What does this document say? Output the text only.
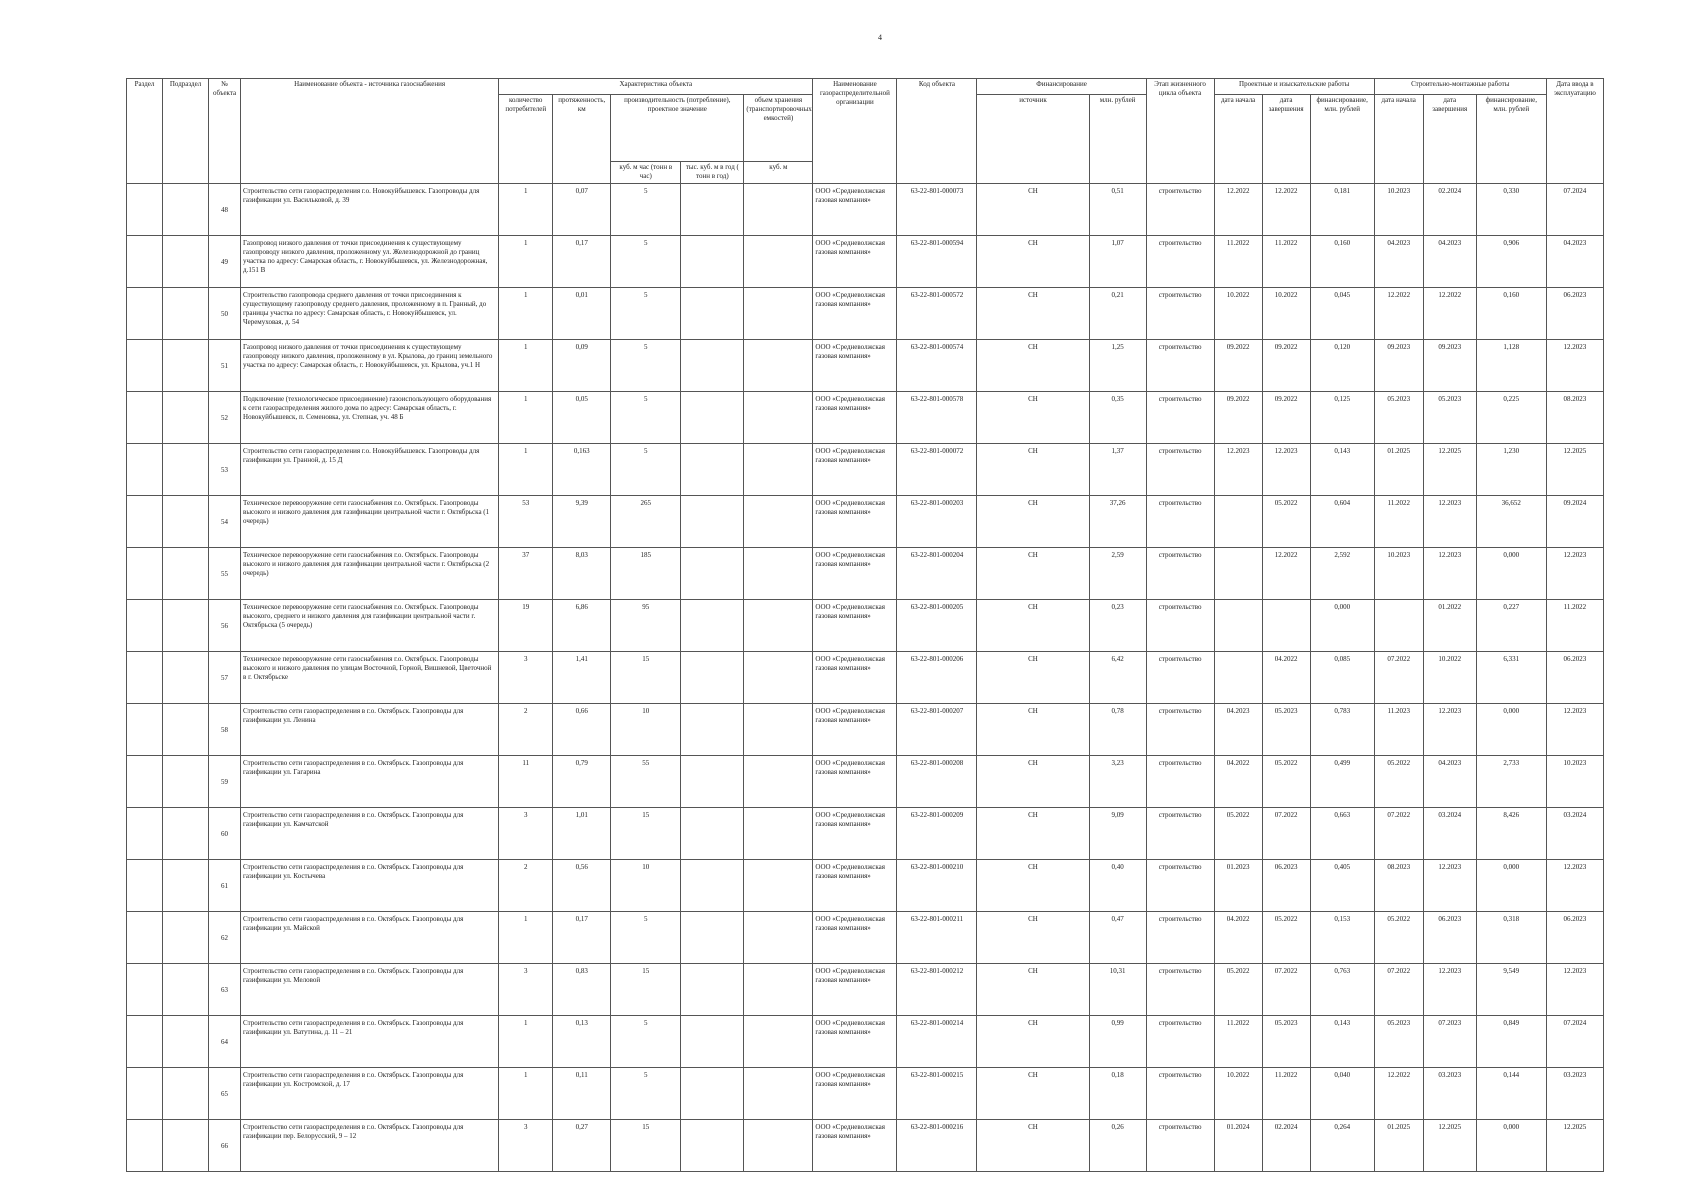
4
Раздел	Подраздел	№ объекта	Наименование объекта - источника газоснабжения	Характеристика объекта					Наименование газораспределительной организации	Код объекта	Финансирование		Этап жизненного цикла объекта	Проектные и изыскательские работы			Строительно-монтажные работы			Дата ввода в эксплуатацию
				количество потребителей	протяженность, км	производительность (потребление), проектное значение		объем хранения (транспортировочных емкостей)			источник	млн. рублей		дата начала	дата завершения	финансирование, млн. рублей	дата начала	дата завершения	финансирование, млн. рублей	
						куб. м час (тонн в час)	тыс. куб. м в год ( тонн в год)	куб. м												
		48	Строительство сети газораспределения г.о. Новокуйбышевск. Газопроводы для газификации ул. Васильковой, д. 39	1	0,07	5			ООО «Средневолжская газовая компания»	63-22-801-000073	СН	0,51	строительство	12.2022	12.2022	0,181	10.2023	02.2024	0,330	07.2024
		49	Газопровод низкого давления от точки присоединения к существующему газопроводу низкого давления, проложенному ул. Железнодорожной до границ участка по адресу: Самарская область, г. Новокуйбышевск, ул. Железнодорожная, д.151 В	1	0,17	5			ООО «Средневолжская газовая компания»	63-22-801-000594	СН	1,07	строительство	11.2022	11.2022	0,160	04.2023	04.2023	0,906	04.2023
		50	Строительство газопровода среднего давления от точки присоединения к существующему газопроводу среднего давления, проложенному в п. Гранный, до границы участка по адресу: Самарская область, г. Новокуйбышевск, ул. Черемуховая, д. 54	1	0,01	5			ООО «Средневолжская газовая компания»	63-22-801-000572	СН	0,21	строительство	10.2022	10.2022	0,045	12.2022	12.2022	0,160	06.2023
		51	Газопровод низкого давления от точки присоединения к существующему газопроводу низкого давления, проложенному в ул. Крылова, до границ земельного участка по адресу: Самарская область, г. Новокуйбышевск, ул. Крылова, уч.1 Н	1	0,09	5			ООО «Средневолжская газовая компания»	63-22-801-000574	СН	1,25	строительство	09.2022	09.2022	0,120	09.2023	09.2023	1,128	12.2023
		52	Подключение (технологическое присоединение) газоиспользующего оборудования к сети газораспределения жилого дома по адресу: Самарская область, г. Новокуйбышевск, п. Семеновка, ул. Степная, уч. 48 Б	1	0,05	5			ООО «Средневолжская газовая компания»	63-22-801-000578	СН	0,35	строительство	09.2022	09.2022	0,125	05.2023	05.2023	0,225	08.2023
		53	Строительство сети газораспределения г.о. Новокуйбышевск. Газопроводы для газификации ул. Гранной, д. 15 Д	1	0,163	5			ООО «Средневолжская газовая компания»	63-22-801-000072	СН	1,37	строительство	12.2023	12.2023	0,143	01.2025	12.2025	1,230	12.2025
		54	Техническое перевооружение сети газоснабжения г.о. Октябрьск. Газопроводы высокого и низкого давления для газификации центральной части г. Октябрьска (1 очередь)	53	9,39	265			ООО «Средневолжская газовая компания»	63-22-801-000203	СН	37,26	строительство		05.2022	0,604	11.2022	12.2023	36,652	09.2024
		55	Техническое перевооружение сети газоснабжения г.о. Октябрьск. Газопроводы высокого и низкого давления для газификации центральной части г. Октябрьска (2 очередь)	37	8,03	185			ООО «Средневолжская газовая компания»	63-22-801-000204	СН	2,59	строительство		12.2022	2,592	10.2023	12.2023	0,000	12.2023
		56	Техническое перевооружение сети газоснабжения г.о. Октябрьск. Газопроводы высокого, среднего и низкого давления для газификации центральной части г. Октябрьска (5 очередь)	19	6,86	95			ООО «Средневолжская газовая компания»	63-22-801-000205	СН	0,23	строительство			0,000		01.2022	0,227	11.2022
		57	Техническое перевооружение сети газоснабжения г.о. Октябрьск. Газопроводы высокого и низкого давления по улицам Восточной, Горной, Вишневой, Цветочной в г. Октябрьске	3	1,41	15			ООО «Средневолжская газовая компания»	63-22-801-000206	СН	6,42	строительство		04.2022	0,085	07.2022	10.2022	6,331	06.2023
		58	Строительство сети газораспределения в г.о. Октябрьск. Газопроводы для газификации ул. Ленина	2	0,66	10			ООО «Средневолжская газовая компания»	63-22-801-000207	СН	0,78	строительство	04.2023	05.2023	0,783	11.2023	12.2023	0,000	12.2023
		59	Строительство сети газораспределения в г.о. Октябрьск. Газопроводы для газификации ул. Гагарина	11	0,79	55			ООО «Средневолжская газовая компания»	63-22-801-000208	СН	3,23	строительство	04.2022	05.2022	0,499	05.2022	04.2023	2,733	10.2023
		60	Строительство сети газораспределения в г.о. Октябрьск. Газопроводы для газификации ул. Камчатской	3	1,01	15			ООО «Средневолжская газовая компания»	63-22-801-000209	СН	9,09	строительство	05.2022	07.2022	0,663	07.2022	03.2024	8,426	03.2024
		61	Строительство сети газораспределения в г.о. Октябрьск. Газопроводы для газификации ул. Костычева	2	0,56	10			ООО «Средневолжская газовая компания»	63-22-801-000210	СН	0,40	строительство	01.2023	06.2023	0,405	08.2023	12.2023	0,000	12.2023
		62	Строительство сети газораспределения в г.о. Октябрьск. Газопроводы для газификации ул. Майской	1	0,17	5			ООО «Средневолжская газовая компания»	63-22-801-000211	СН	0,47	строительство	04.2022	05.2022	0,153	05.2022	06.2023	0,318	06.2023
		63	Строительство сети газораспределения в г.о. Октябрьск. Газопроводы для газификации ул. Меловой	3	0,83	15			ООО «Средневолжская газовая компания»	63-22-801-000212	СН	10,31	строительство	05.2022	07.2022	0,763	07.2022	12.2023	9,549	12.2023
		64	Строительство сети газораспределения в г.о. Октябрьск. Газопроводы для газификации ул. Ватутина, д. 11 – 21	1	0,13	5			ООО «Средневолжская газовая компания»	63-22-801-000214	СН	0,99	строительство	11.2022	05.2023	0,143	05.2023	07.2023	0,849	07.2024
		65	Строительство сети газораспределения в г.о. Октябрьск. Газопроводы для газификации ул. Костромской, д. 17	1	0,11	5			ООО «Средневолжская газовая компания»	63-22-801-000215	СН	0,18	строительство	10.2022	11.2022	0,040	12.2022	03.2023	0,144	03.2023
		66	Строительство сети газораспределения в г.о. Октябрьск. Газопроводы для газификации пер. Белорусский, 9 – 12	3	0,27	15			ООО «Средневолжская газовая компания»	63-22-801-000216	СН	0,26	строительство	01.2024	02.2024	0,264	01.2025	12.2025	0,000	12.2025
